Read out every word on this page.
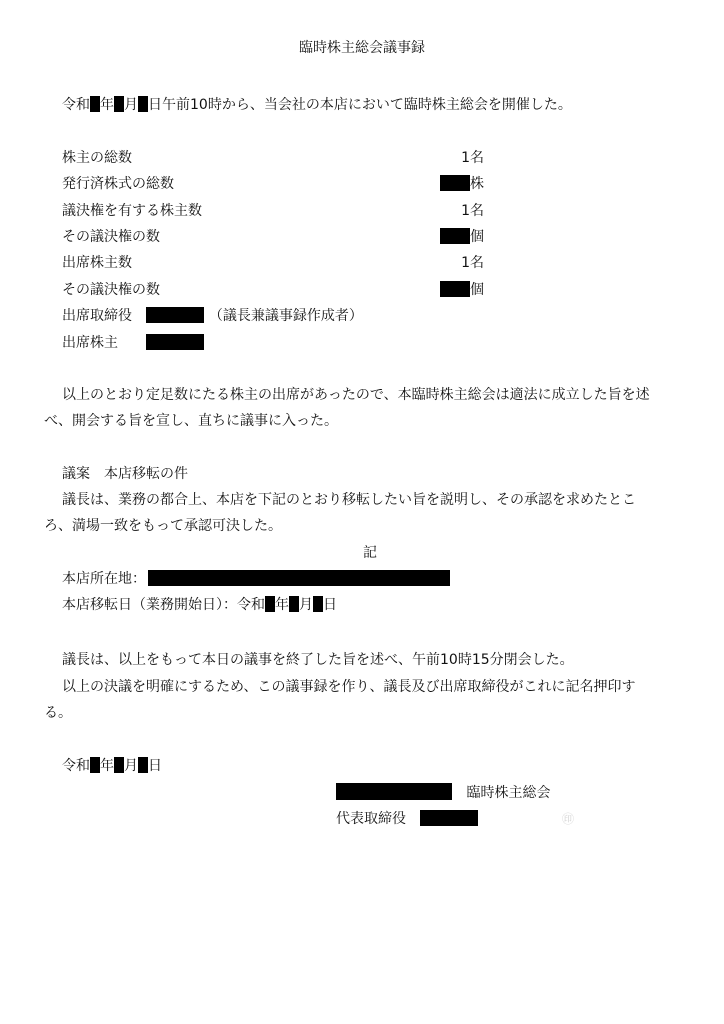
臨時株主総会議事録
令和 年 月 日午前10時から、当会社の本店において臨時株主総会を開催した。
株主の総数	1名
発行済株式の総数	株
議決権を有する株主数	1名
その議決権の数	個
出席株主数	1名
その議決権の数	個
出席取締役	（議長兼議事録作成者）
出席株主
以上のとおり定足数にたる株主の出席があったので、本臨時株主総会は適法に成立した旨を述
べ、開会する旨を宣し、直ちに議事に入った。
議案　本店移転の件
議長は、業務の都合上、本店を下記のとおり移転したい旨を説明し、その承認を求めたとこ
ろ、満場一致をもって承認可決した。
記
本店所在地：
本店移転日（業務開始日）：令和 年 月 日
議長は、以上をもって本日の議事を終了した旨を述べ、午前10時15分閉会した。
以上の決議を明確にするため、この議事録を作り、議長及び出席取締役がこれに記名押印す
る。
令和 年 月 日
臨時株主総会
代表取締役	㊞
